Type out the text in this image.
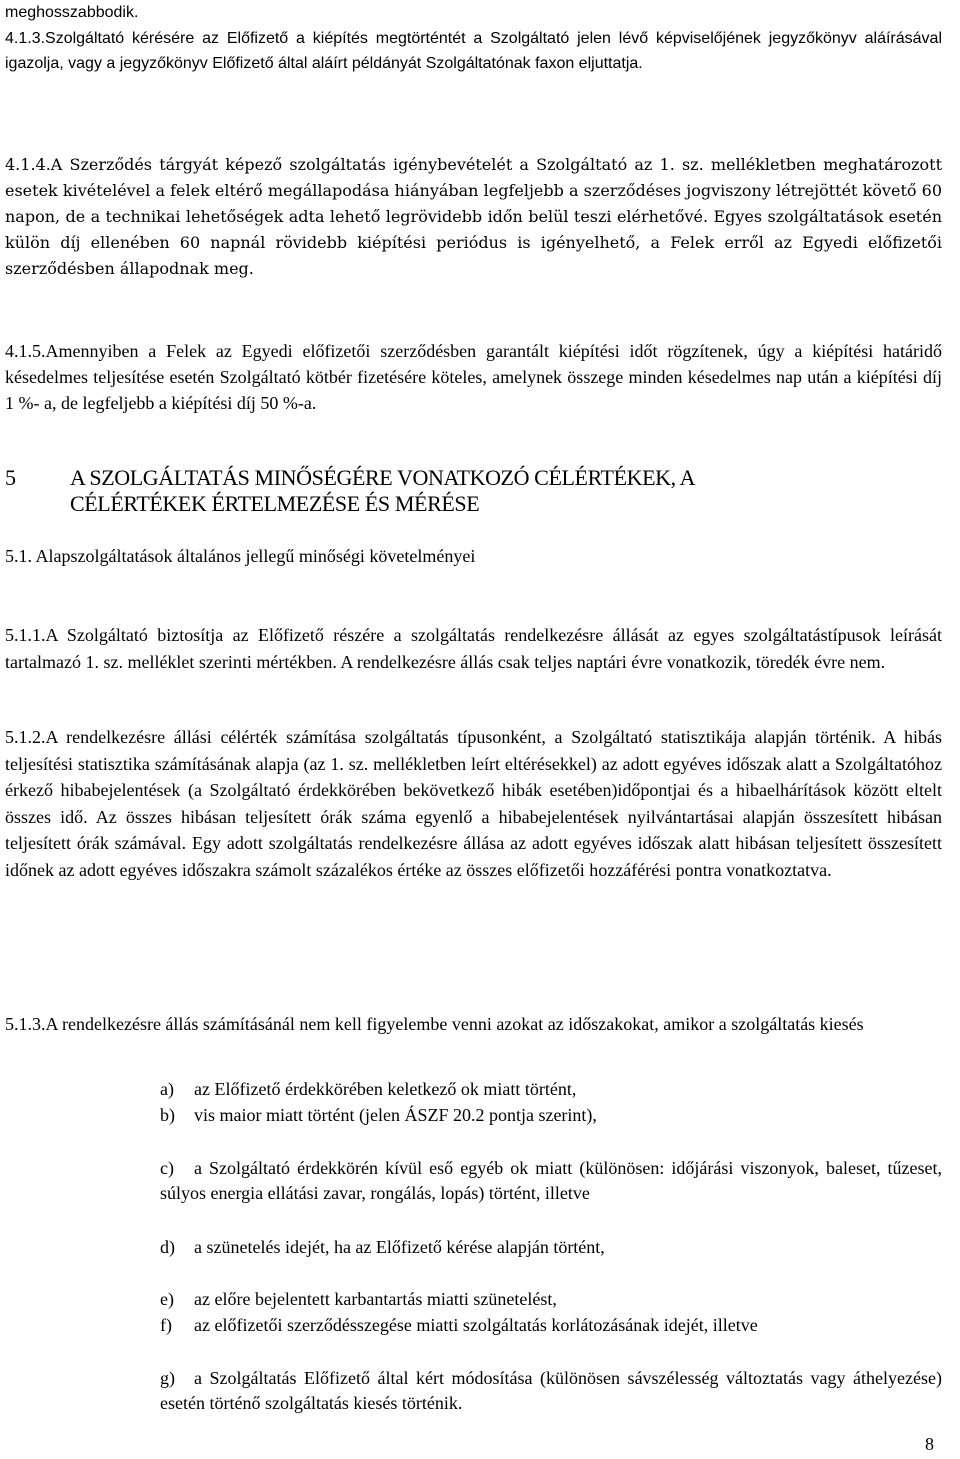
meghosszabbodik.

4.1.3.Szolgáltató kérésére az Előfizető a kiépítés megtörténtét a Szolgáltató jelen lévő képviselőjének jegyzőkönyv aláírásával igazolja, vagy a jegyzőkönyv Előfizető által aláírt példányát Szolgáltatónak faxon eljuttatja.

4.1.4.A Szerződés tárgyát képező szolgáltatás igénybevételét a Szolgáltató az 1. sz. mellékletben meghatározott esetek kivételével a felek eltérő megállapodása hiányában legfeljebb a szerződéses jogviszony létrejöttét követő 60 napon, de a technikai lehetőségek adta lehető legrövidebb időn belül teszi elérhetővé. Egyes szolgáltatások esetén külön díj ellenében 60 napnál rövidebb kiépítési periódus is igényelhető, a Felek erről az Egyedi előfizetői szerződésben állapodnak meg.

4.1.5.Amennyiben a Felek az Egyedi előfizetői szerződésben garantált kiépítési időt rögzítenek, úgy a kiépítési határidő késedelmes teljesítése esetén Szolgáltató kötbér fizetésére köteles, amelynek összege minden késedelmes nap után a kiépítési díj 1 %- a, de legfeljebb a kiépítési díj 50 %-a.

5 A SZOLGÁLTATÁS MINŐSÉGÉRE VONATKOZÓ CÉLÉRTÉKEK, A
CÉLÉRTÉKEK ÉRTELMEZÉSE ÉS MÉRÉSE

5.1. Alapszolgáltatások általános jellegű minőségi követelményei

5.1.1.A Szolgáltató biztosítja az Előfizető részére a szolgáltatás rendelkezésre állását az egyes szolgáltatástípusok leírását tartalmazó 1. sz. melléklet szerinti mértékben. A rendelkezésre állás csak teljes naptári évre vonatkozik, töredék évre nem.

5.1.2.A rendelkezésre állási célérték számítása szolgáltatás típusonként, a Szolgáltató statisztikája alapján történik. A hibás teljesítési statisztika számításának alapja (az 1. sz. mellékletben leírt eltérésekkel) az adott egyéves időszak alatt a Szolgáltatóhoz érkező hibabejelentések (a Szolgáltató érdekkörében bekövetkező hibák esetében)időpontjai és a hibaelhárítások között eltelt összes idő. Az összes hibásan teljesített órák száma egyenlő a hibabejelentések nyilvántartásai alapján összesített hibásan teljesített órák számával. Egy adott szolgáltatás rendelkezésre állása az adott egyéves időszak alatt hibásan teljesített összesített időnek az adott egyéves időszakra számolt százalékos értéke az összes előfizetői hozzáférési pontra vonatkoztatva.

5.1.3.A rendelkezésre állás számításánál nem kell figyelembe venni azokat az időszakokat, amikor a szolgáltatás kiesés

a) az Előfizető érdekkörében keletkező ok miatt történt,

b) vis maior miatt történt (jelen ÁSZF 20.2 pontja szerint),

c) a Szolgáltató érdekkörén kívül eső egyéb ok miatt (különösen: időjárási viszonyok, baleset, tűzeset, súlyos energia ellátási zavar, rongálás, lopás) történt, illetve

d) a szünetelés idejét, ha az Előfizető kérése alapján történt,

e) az előre bejelentett karbantartás miatti szünetelést,

f) az előfizetői szerződésszegése miatti szolgáltatás korlátozásának idejét, illetve

g) a Szolgáltatás Előfizető által kért módosítása (különösen sávszélesség változtatás vagy áthelyezése) esetén történő szolgáltatás kiesés történik.

8
